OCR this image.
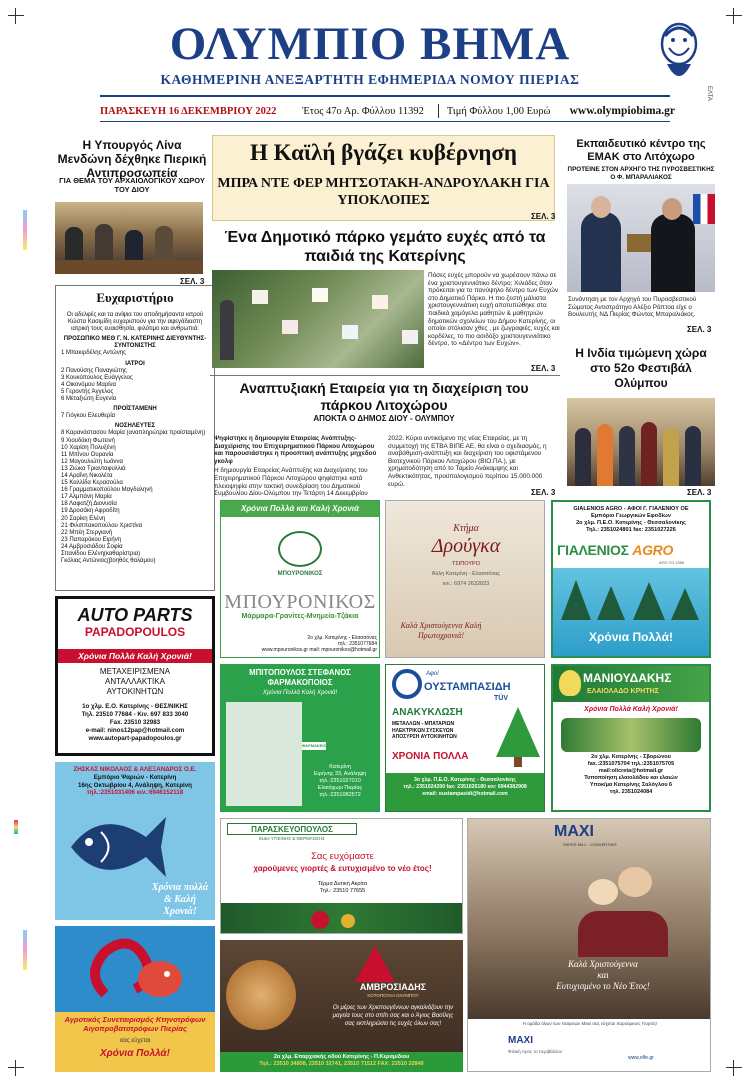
ΟΛΥΜΠΙΟ ΒΗΜΑ
ΚΑΘΗΜΕΡΙΝΗ ΑΝΕΞΑΡΤΗΤΗ ΕΦΗΜΕΡΙΔΑ ΝΟΜΟΥ ΠΙΕΡΙΑΣ
ΠΑΡΑΣΚΕΥΗ 16 ΔΕΚΕΜΒΡΙΟΥ 2022 Έτος 47ο Αρ. Φύλλου 11392 Τιμή Φύλλου 1,00 Ευρώ www.olympiobima.gr
ΕΛΤΑ
Η Υπουργός Λίνα Μενδώνη δέχθηκε Πιερική Αντιπροσωπεία
ΓΙΑ ΘΕΜΑ ΤΟΥ ΑΡΧΑΙΟΛΟΓΙΚΟΥ ΧΩΡΟΥ ΤΟΥ ΔΙΟΥ
ΣΕΛ. 3
Ευχαριστήριο
Οι αδελφές και τα ανίψια του αποδημήσαντα ιατρού Κώστα Κασιμίδη ευχαριστούν για την αψεγάδιαστη ιατρική τους ευαισθησία, φιλότιμο και ανθρωπιά:
ΠΡΟΣΩΠΙΚΟ ΜΕΘ Γ. Ν. ΚΑΤΕΡΙΝΗΣ ΔΙΕΥΘΥΝΤΗΣ-ΣΥΝΤΟΝΙΣΤΗΣ
1 Μπακιρδέλης Αντώνης
ΙΑΤΡΟΙ
2 Πανούσης Παναγιώτης
3 Κουκόπουλος Ευάγγελος
4 Οικονόμου Μαρίνα
5 Γεροντής Άγγελος
6 Μεταξιώτη Ευγενία
ΠΡΟΪΣΤΑΜΕΝΗ
7 Γιόγκου Ελευθερία
ΝΟΣΗΛΕΥΤΕΣ
8 Καρανάστασου Μαρία (αναπληρώτρια προϊσταμένη)
9 Χιουδάκη Φωτεινή
10 Χαρίση Πολυξένη
11 Μπίνου Ουρανία
12 Μαγουλιώτη Ιωάννα
13 Ζιώκα Τριανταφυλλιά
14 Αραΐνη Νικολέτα
15 Καλλίδα Κερασούλα
16 Γραμματικοπούλου Μαγδαληνή
17 Αλμπάνη Μαρία
18 Λαφατζή Διονυσία
19 Δροσάκη Αφροδίτη
20 Σαρίκη Ελένη
21 Φιλιππακοπούλου Χριστίνα
22 Μπέη Στεργιανή
23 Παπαρόκου Ειρήνη
24 Αμβροσιάδου Σοφία
Σπανίδου Ελένη(καθαρίστρια)
Γκόλιας Αντώνιος(βοηθός θαλάμου)
AUTO PARTS
PAPADOPOULOS
Χρόνια Πολλά Καλή Χρονιά!
ΜΕΤΑΧΕΙΡΙΣΜΕΝΑ
ΑΝΤΑΛΛΑΚΤΙΚΑ
ΑΥΤΟΚΙΝΗΤΩΝ
1o χλμ. Ε.Ο. Κατερίνης - ΘΕΣ/ΝΙΚΗΣ
Τηλ. 23510 77684 - Κιν. 697 833 3040
Fax. 23510 32983
e-mail: ninos12pap@hotmail.com
www.autopart-papadopoulos.gr
ΖΗΣΚΑΣ ΝΙΚΟΛΑΟΣ & ΑΛΕΞΑΝΔΡΟΣ Ο.Ε.
Εμπόριο Ψαριών - Κατερίνη
16ης Οκτωβρίου 4, Ανάληψη, Κατερίνη
τηλ.:2351031406 κιν.:6946152118
Χρόνια πολλά
& Καλή Χρονιά!
Αγροτικός Συνεταιρισμός Κτηνοτρόφων Αιγοπροβατοτρόφων Πιερίας
σας εύχεται
Χρόνια Πολλά!
Η Καϊλή βγάζει κυβέρνηση
ΜΠΡΑ ΝΤΕ ΦΕΡ ΜΗΤΣΟΤΑΚΗ-ΑΝΔΡΟΥΛΑΚΗ ΓΙΑ ΥΠΟΚΛΟΠΕΣ
ΣΕΛ. 3
Ένα Δημοτικό πάρκο γεμάτο ευχές από τα παιδιά της Κατερίνης
Πόσες ευχές μπορούν να χωρέσουν πάνω σε ένα χριστουγεννιάτικο δέντρο; Χιλιάδες όταν πρόκειται για το πανύψηλο δέντρο των Ευχών στο Δημοτικό Πάρκο. Η πιο ζεστή μάλιστα χριστουγεννιάτικη ευχή αποτυπώθηκε στα παιδικά χαμόγελα μαθητών & μαθητριών δημοτικών σχολείων του Δήμου Κατερίνης, οι οποίοι στόλισαν χθες , με ζωγραφιές, ευχές και κορδέλες, το πιο ασιδόξο χριστουγεννιάτικο δέντρο, το «Δέντρο των Ευχών».
ΣΕΛ. 3
Αναπτυξιακή Εταιρεία για τη διαχείριση του πάρκου Λιτοχώρου
ΑΠΟΚΤΑ Ο ΔΗΜΟΣ ΔΙΟΥ - ΟΛΥΜΠΟΥ
Ψηφίστηκε η δημιουργία Εταιρείας Ανάπτυξης-Διαχείρισης του Επιχειρηματικού Πάρκου Λιτοχώρου και παρουσιάστηκε η προοπτική ανάπτυξης μηχεδού γκολφ
Η δημιουργία Εταιρείας Ανάπτυξης και Διαχείρισης του Επιχειρηματικού Πάρκου Λιτοχώρου ψηφίστηκε κατά πλειοψηφία στην τακτική συνεδρίαση του Δημοτικού Συμβουλίου Δίου-Ολύμπου την Τετάρτη 14 Δεκεμβρίου
2022. Κύριο αντικείμενο της νέας Εταιρείας, με τη συμμετοχή της ΕΤΒΑ ΒΙΠΕ ΑΕ, θα είναι ο σχεδιασμός, η αναβάθμιση-ανάπτυξη και διαχείριση του υφιστάμενου Βιοτεχνικού Πάρκου Λιτοχώρου (ΒΙΟ.ΠΑ.), με χρηματοδότηση από το Ταμείο Ανάκαμψης και Ανθεκτικότητας, προϋπολογισμού περίπου 15.000.000 ευρώ.
ΣΕΛ. 3
Χρόνια Πολλά και Καλή Χρονιά
ΜΠΟΥΡΟΝΙΚΟΣ
ΜΠΟΥΡΟΝΙΚΟΣ
Μάρμαρα-Γρανίτες-Μνημεία-Τζάκια
2ο χλμ. Κατερίνης - Ελασσόνας
τηλ.: 2351077684
www.mpouronikos.gr mail: mpouronikos@hotmail.gr
Κτήμα
Δρούγκα
ΤΣΙΠΟΥΡΟ
Άλλη Κατερίνη - Ελασσόνας
κιν.: 6974 2632823
Καλά Χριστούγεννα Καλή Πρωτοχρονιά!
ΜΠΙΤΟΠΟΥΛΟΣ ΣΤΕΦΑΝΟΣ ΦΑΡΜΑΚΟΠΟΙΟΣ
Χρόνια Πολλά Καλή Χρονιά!
ΦΑΡΜΑΚΕΙΟ
Κατερίνη
Ειρήνης 33, Ανάληψη
τηλ.:2351027010
Ελαιόχωρι Πιερίας
τηλ.:2351082572
Αφοί
ΟΥΣΤΑΜΠΑΣΙΔΗ
TÜV
ΑΝΑΚΥΚΛΩΣΗ
ΜΕΤΑΛΛΩΝ - ΜΠΑΤΑΡΙΩΝ
ΗΛΕΚΤΡΙΚΩΝ ΣΥΣΚΕΥΩΝ
ΑΠΟΣΥΡΣΗ ΑΥΤΟΚΙΝΗΤΩΝ
ΧΡΟΝΙΑ ΠΟΛΛΑ
3ο χλμ. Π.Ε.Ο. Κατερίνης - Θεσσαλονίκης
τηλ.: 2351024200 fax: 2351026180 κιν: 6944382908
email: oustampasidi@hotmail.com
ΠΑΡΑΣΚΕΥΟΠΟΥΛΟΣ
ΕΙΔΗ ΥΓΙΕΙΝΗΣ & ΘΕΡΜΑΝΣΗΣ
Σας ευχόμαστε
χαρούμενες γιορτές & ευτυχισμένο το νέο έτος!
Τέρμα Δυτική Ακρίτα
Τηλ.: 23510 77655
ΑΜΒΡΟΣΙΑΔΗΣ
ΚΟΤΟΠΟΥΛΑ ΟΛΥΜΠΟΥ
Οι μέρες των Χριστουγέννων αγκαλιάζουν την μαγεία τους στο σπίτι σας και ο Άγιος Βασίλης σας εκπληρώσει τις ευχές όλων σας!
2ο χλμ. Επαρχιακής οδού Κατερίνης - Π.Κεραμιδιου
Τηλ.: 23510 34808, 23510 32741, 23510 71512 FAX: 23510 32840
Εκπαιδευτικό κέντρο της ΕΜΑΚ στο Λιτόχωρο
ΠΡΟΤΕΙΝΕ ΣΤΟΝ ΑΡΧΗΓΟ ΤΗΣ ΠΥΡΟΣΒΕΣΤΙΚΗΣ Ο Φ. ΜΠΑΡΑΛΙΑΚΟΣ
Συνάντηση με τον Αρχηγό του Πυροσβεστικού Σώματος Αντιστράτηγο Αλέξιο Ράπτοα είχε ο Βουλευτής ΝΔ Πιερίας Φώντας Μπαραλιάκος.
ΣΕΛ. 3
Η Ινδία τιμώμενη χώρα στο 52ο Φεστιβάλ Ολύμπου
ΣΕΛ. 3
GIALENIOS AGRO - ΑΦΟΙ Γ. ΓΙΑΛΕΝΙΟΥ ΟΕ
Εμπόριο Γεωργικών Εφοδίων
2ο χλμ. Π.Ε.Ο. Κατερίνης - Θεσσαλονίκης
Τηλ.: 2351024801 fax: 2351027226
ΓΙΑΛΕΝΙΟΣ AGRO
ΑΠΟ ΤΟ 1959
Χρόνια Πολλά!
ΜΑΝΙΟΥΔΑΚΗΣ
ΕΛΑΙΟΛΑΔΟ ΚΡΗΤΗΣ
Χρόνια Πολλά Καλή Χρονιά!
2ο χλμ. Κατερίνης - Σβορώνου
fax.:2351075704 τηλ.:2351075705
mail:olicreta@hotmail.gr
Τυποποίηση ελαιολάδου και ελαιών
Υποκ/μα Κατερίνης Σαλόγλου 6
τηλ. 2351024084
MAXI
PAPER MILL - CONVERTING
Καλά Χριστούγεννα
και
Ευτυχισμένο το Νέο Έτος!
Η ομάδα όλων των εταιρειών Maxi σας εύχεται Χαρούμενες Γιορτές!
MAXI
Φιλική προς το περιβάλλον
www.elfe.gr
